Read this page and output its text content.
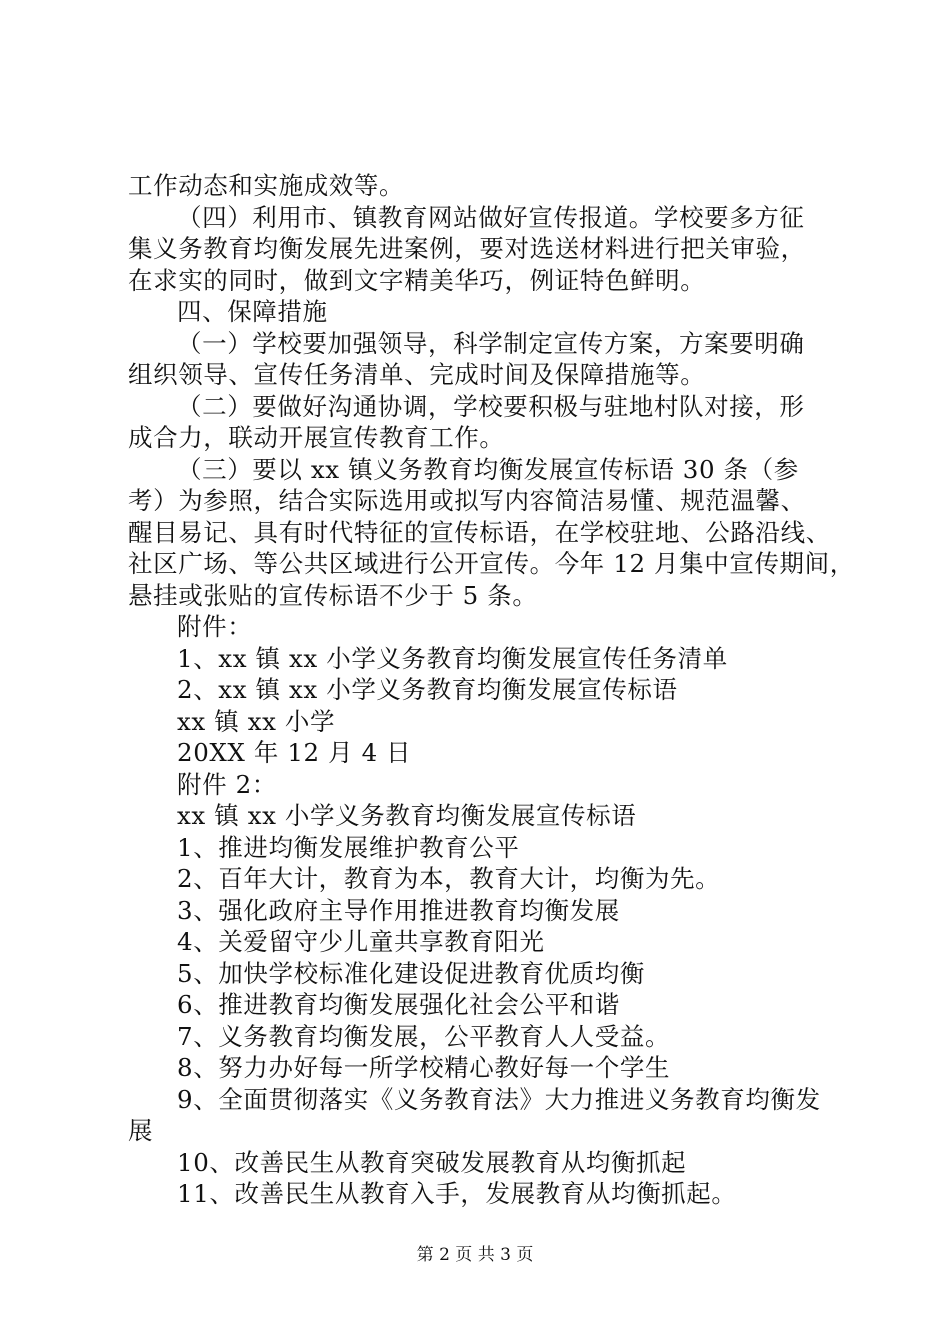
工作动态和实施成效等。
（四）利用市、镇教育网站做好宣传报道。学校要多方征
集义务教育均衡发展先进案例，要对选送材料进行把关审验，
在求实的同时，做到文字精美华巧，例证特色鲜明。
四、保障措施
（一）学校要加强领导，科学制定宣传方案，方案要明确
组织领导、宣传任务清单、完成时间及保障措施等。
（二）要做好沟通协调，学校要积极与驻地村队对接，形
成合力，联动开展宣传教育工作。
（三）要以 xx 镇义务教育均衡发展宣传标语 30 条（参
考）为参照，结合实际选用或拟写内容简洁易懂、规范温馨、
醒目易记、具有时代特征的宣传标语，在学校驻地、公路沿线、
社区广场、等公共区域进行公开宣传。今年 12 月集中宣传期间，
悬挂或张贴的宣传标语不少于 5 条。
附件：
1、xx 镇 xx 小学义务教育均衡发展宣传任务清单
2、xx 镇 xx 小学义务教育均衡发展宣传标语
xx 镇 xx 小学
20XX 年 12 月 4 日
附件 2：
xx 镇 xx 小学义务教育均衡发展宣传标语
1、推进均衡发展维护教育公平
2、百年大计，教育为本，教育大计，均衡为先。
3、强化政府主导作用推进教育均衡发展
4、关爱留守少儿童共享教育阳光
5、加快学校标准化建设促进教育优质均衡
6、推进教育均衡发展强化社会公平和谐
7、义务教育均衡发展，公平教育人人受益。
8、努力办好每一所学校精心教好每一个学生
9、全面贯彻落实《义务教育法》大力推进义务教育均衡发
展
10、改善民生从教育突破发展教育从均衡抓起
11、改善民生从教育入手，发展教育从均衡抓起。
第 2 页 共 3 页
